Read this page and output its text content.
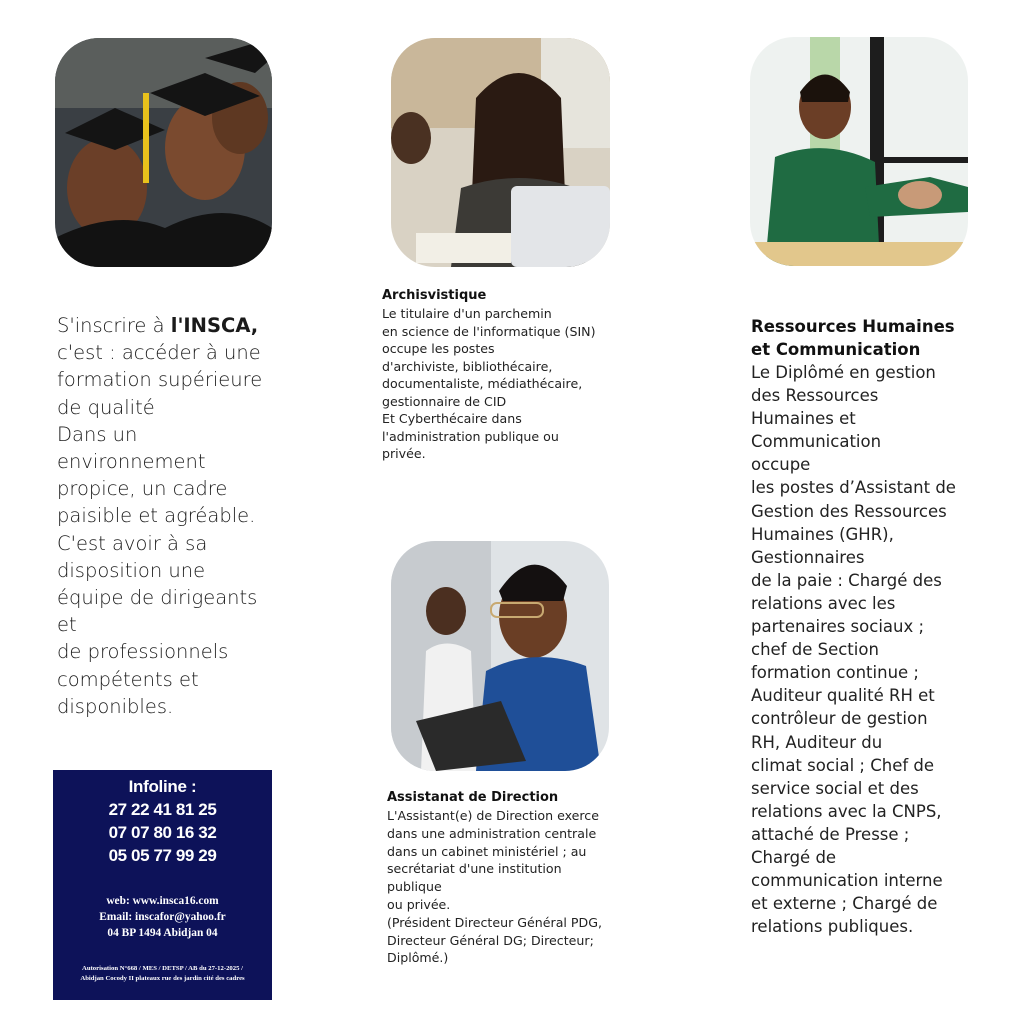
S'inscrire à l'INSCA,
c'est : accéder à une
formation supérieure
de qualité
Dans un
environnement
propice, un cadre
paisible et agréable.
C'est avoir à sa
disposition une
équipe de dirigeants
et
de professionnels
compétents et
disponibles.
Archisvistique
Le titulaire d'un parchemin
en science de l'informatique (SIN)
occupe les postes
d'archiviste, bibliothécaire,
documentaliste, médiathécaire,
gestionnaire de CID
Et Cyberthécaire dans
l'administration publique ou
privée.
Assistanat de Direction
L'Assistant(e) de Direction exerce
dans une administration centrale
dans un cabinet ministériel ; au
secrétariat d'une institution
publique
ou privée.
(Président Directeur Général PDG,
Directeur Général DG; Directeur;
Diplômé.)
Ressources Humaines
et Communication
Le Diplômé en gestion
des Ressources
Humaines et
Communication
occupe
les postes d’Assistant de
Gestion des Ressources
Humaines (GHR),
Gestionnaires
de la paie : Chargé des
relations avec les
partenaires sociaux ;
chef de Section
formation continue ;
Auditeur qualité RH et
contrôleur de gestion
RH, Auditeur du
climat social ; Chef de
service social et des
relations avec la CNPS,
attaché de Presse ;
Chargé de
communication interne
et externe ; Chargé de
relations publiques.
Infoline :
27 22 41 81 25
07 07 80 16 32
05 05 77 99 29
web: www.insca16.com
Email: inscafor@yahoo.fr
04 BP 1494 Abidjan 04
Autorisation N°668 / MES / DETSP / AB du 27-12-2025 /
Abidjan Cocody II plateaux rue des jardin cité des cadres
